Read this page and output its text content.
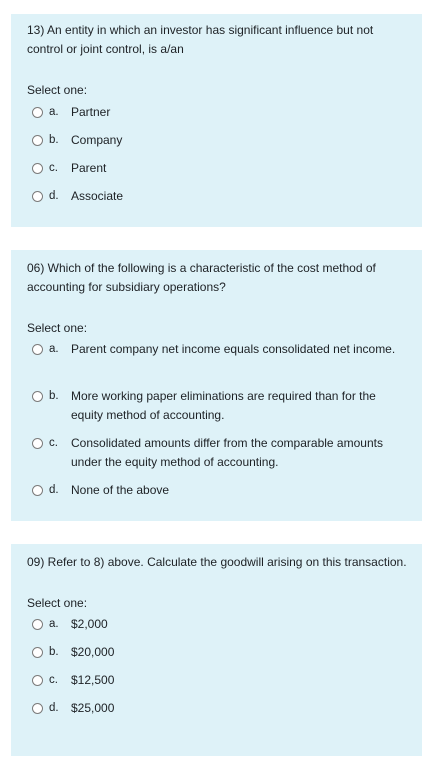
13) An entity in which an investor has significant influence but not control or joint control, is a/an

Select one:

a.	Partner
b.	Company
c.	Parent
d.	Associate

06) Which of the following is a characteristic of the cost method of accounting for subsidiary operations?

Select one:

a.	Parent company net income equals consolidated net income.
b.	More working paper eliminations are required than for the equity method of accounting.
c.	Consolidated amounts differ from the comparable amounts under the equity method of accounting.
d.	None of the above

09) Refer to 8) above. Calculate the goodwill arising on this transaction.

Select one:

a.	$2,000
b.	$20,000
c.	$12,500
d.	$25,000
